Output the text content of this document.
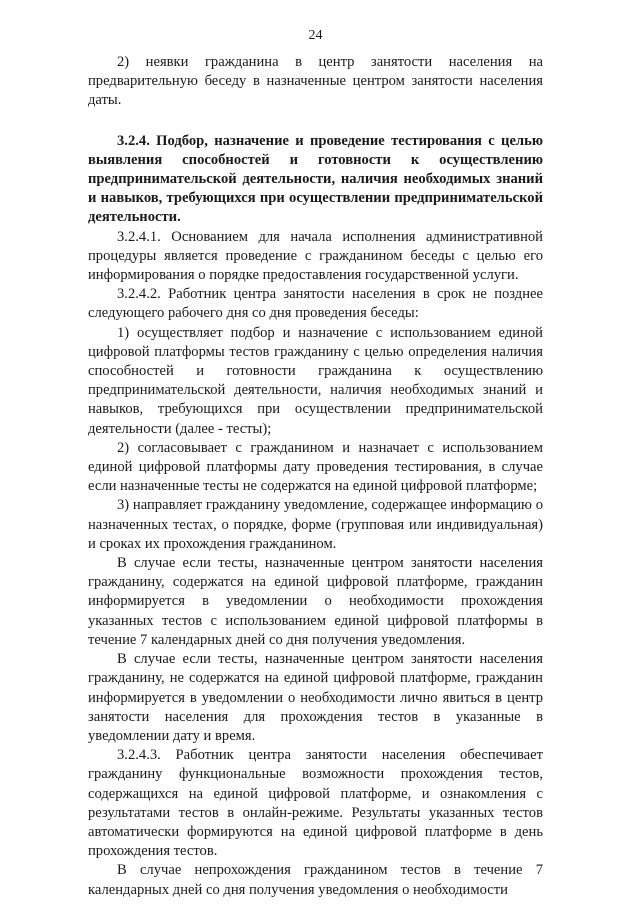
24

2) неявки гражданина в центр занятости населения на предварительную беседу в назначенные центром занятости населения даты.

3.2.4. Подбор, назначение и проведение тестирования с целью выявления способностей и готовности к осуществлению предпринимательской деятельности, наличия необходимых знаний и навыков, требующихся при осуществлении предпринимательской деятельности.

3.2.4.1. Основанием для начала исполнения административной процедуры является проведение с гражданином беседы с целью его информирования о порядке предоставления государственной услуги.

3.2.4.2. Работник центра занятости населения в срок не позднее следующего рабочего дня со дня проведения беседы:

1) осуществляет подбор и назначение с использованием единой цифровой платформы тестов гражданину с целью определения наличия способностей и готовности гражданина к осуществлению предпринимательской деятельности, наличия необходимых знаний и навыков, требующихся при осуществлении предпринимательской деятельности (далее - тесты);

2) согласовывает с гражданином и назначает с использованием единой цифровой платформы дату проведения тестирования, в случае если назначенные тесты не содержатся на единой цифровой платформе;

3) направляет гражданину уведомление, содержащее информацию о назначенных тестах, о порядке, форме (групповая или индивидуальная) и сроках их прохождения гражданином.

В случае если тесты, назначенные центром занятости населения гражданину, содержатся на единой цифровой платформе, гражданин информируется в уведомлении о необходимости прохождения указанных тестов с использованием единой цифровой платформы в течение 7 календарных дней со дня получения уведомления.

В случае если тесты, назначенные центром занятости населения гражданину, не содержатся на единой цифровой платформе, гражданин информируется в уведомлении о необходимости лично явиться в центр занятости населения для прохождения тестов в указанные в уведомлении дату и время.

3.2.4.3. Работник центра занятости населения обеспечивает гражданину функциональные возможности прохождения тестов, содержащихся на единой цифровой платформе, и ознакомления с результатами тестов в онлайн-режиме. Результаты указанных тестов автоматически формируются на единой цифровой платформе в день прохождения тестов.

В случае непрохождения гражданином тестов в течение 7 календарных дней со дня получения уведомления о необходимости
